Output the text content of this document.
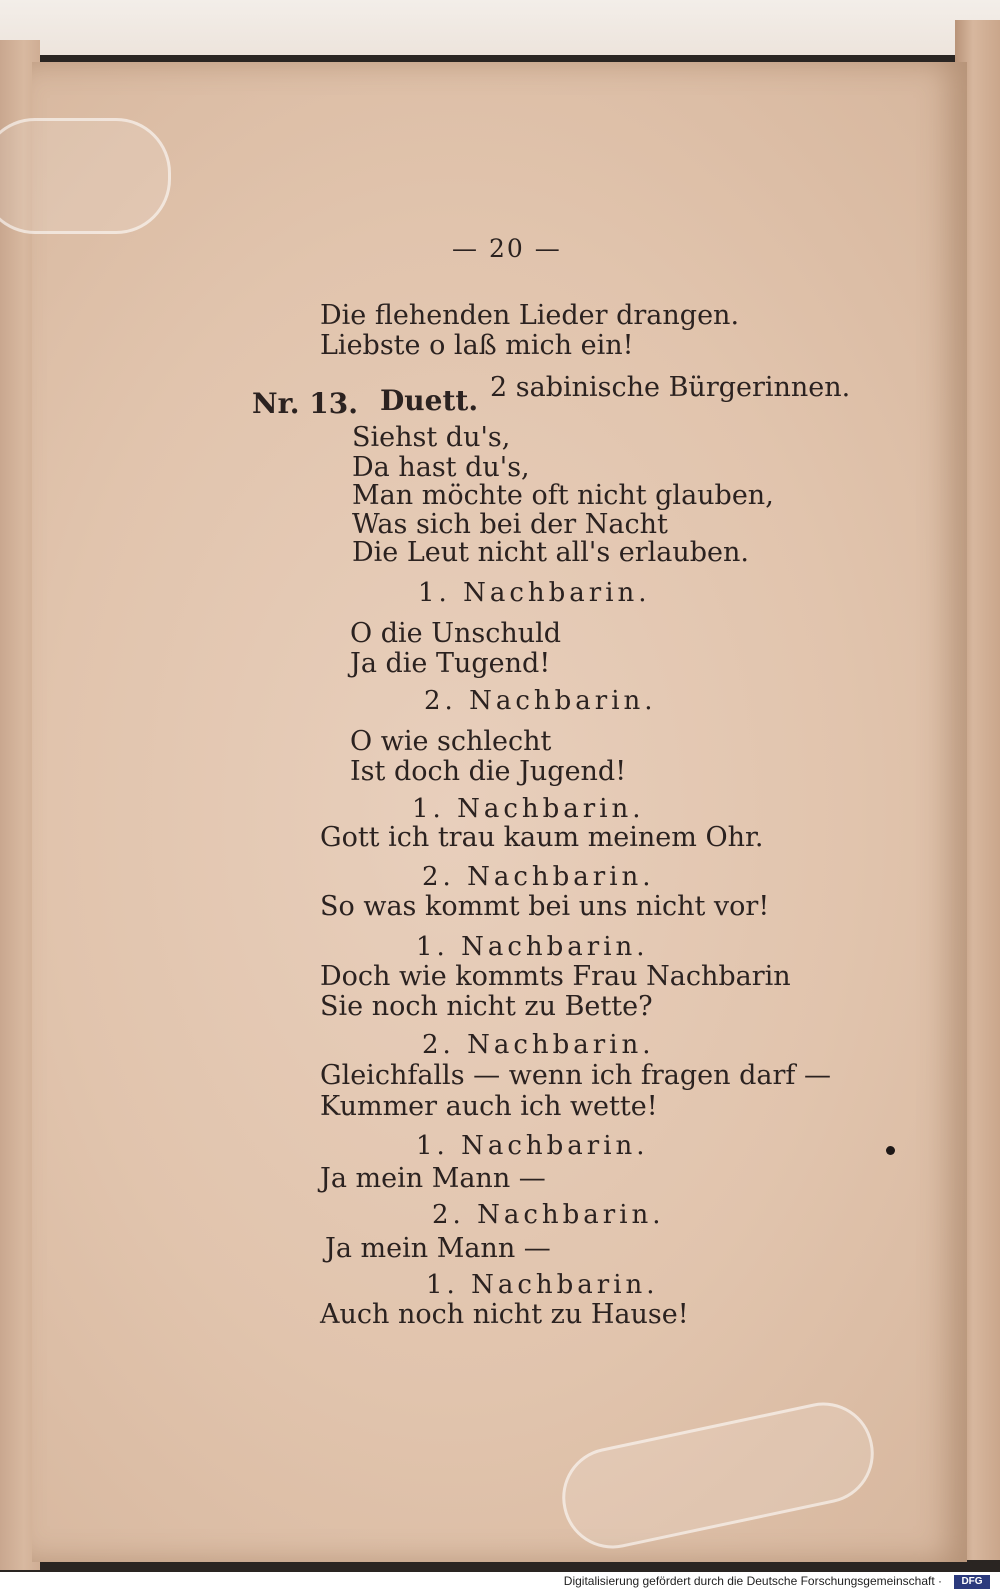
— 20 —
Die flehenden Lieder drangen.
Liebste o laß mich ein!
Nr. 13. Duett. 2 sabinische Bürgerinnen.
Siehst du's,
Da hast du's,
Man möchte oft nicht glauben,
Was sich bei der Nacht
Die Leut nicht all's erlauben.
1. Nachbarin.
O die Unschuld
Ja die Tugend!
2. Nachbarin.
O wie schlecht
Ist doch die Jugend!
1. Nachbarin.
Gott ich trau kaum meinem Ohr.
2. Nachbarin.
So was kommt bei uns nicht vor!
1. Nachbarin.
Doch wie kommts Frau Nachbarin
Sie noch nicht zu Bette?
2. Nachbarin.
Gleichfalls — wenn ich fragen darf —
Kummer auch ich wette!
1. Nachbarin.
Ja mein Mann —
2. Nachbarin.
Ja mein Mann —
1. Nachbarin.
Auch noch nicht zu Hause!
Digitalisierung gefördert durch die Deutsche Forschungsgemeinschaft ·	DFG
